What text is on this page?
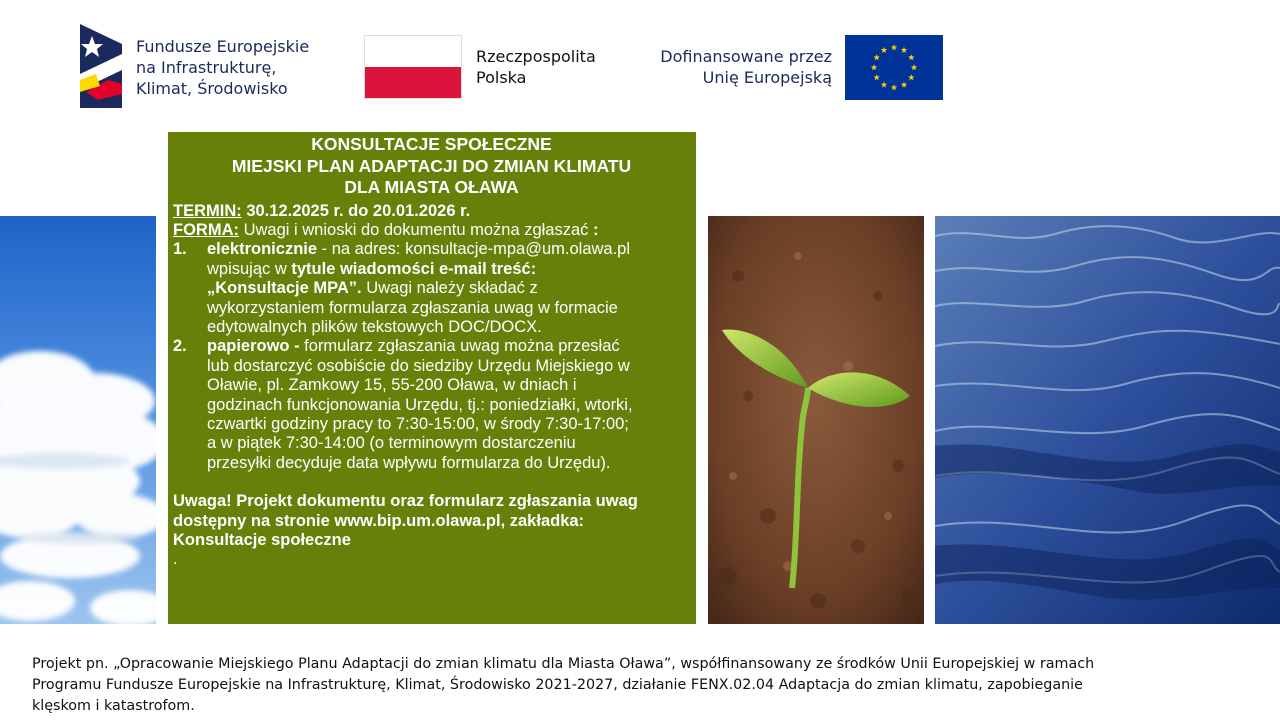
Fundusze Europejskie
na Infrastrukturę,
Klimat, Środowisko
Rzeczpospolita
Polska
Dofinansowane przez
Unię Europejską
KONSULTACJE SPOŁECZNE
MIEJSKI PLAN ADAPTACJI DO ZMIAN KLIMATU
DLA MIASTA OŁAWA
TERMIN: 30.12.2025 r. do 20.01.2026 r.
FORMA: Uwagi i wnioski do dokumentu można zgłaszać :
1. elektronicznie - na adres: konsultacje-mpa@um.olawa.pl
wpisując w tytule wiadomości e-mail treść:
„Konsultacje MPA”. Uwagi należy składać z
wykorzystaniem formularza zgłaszania uwag w formacie
edytowalnych plików tekstowych DOC/DOCX.
2. papierowo - formularz zgłaszania uwag można przesłać
lub dostarczyć osobiście do siedziby Urzędu Miejskiego w
Oławie, pl. Zamkowy 15, 55-200 Oława, w dniach i
godzinach funkcjonowania Urzędu, tj.: poniedziałki, wtorki,
czwartki godziny pracy to 7:30-15:00, w środy 7:30-17:00;
a w piątek 7:30-14:00 (o terminowym dostarczeniu
przesyłki decyduje data wpływu formularza do Urzędu).
Uwaga! Projekt dokumentu oraz formularz zgłaszania uwag
dostępny na stronie www.bip.um.olawa.pl, zakładka:
Konsultacje społeczne
.
Projekt pn. „Opracowanie Miejskiego Planu Adaptacji do zmian klimatu dla Miasta Oława”, współfinansowany ze środków Unii Europejskiej w ramach
Programu Fundusze Europejskie na Infrastrukturę, Klimat, Środowisko 2021-2027, działanie FENX.02.04 Adaptacja do zmian klimatu, zapobieganie
klęskom i katastrofom.
